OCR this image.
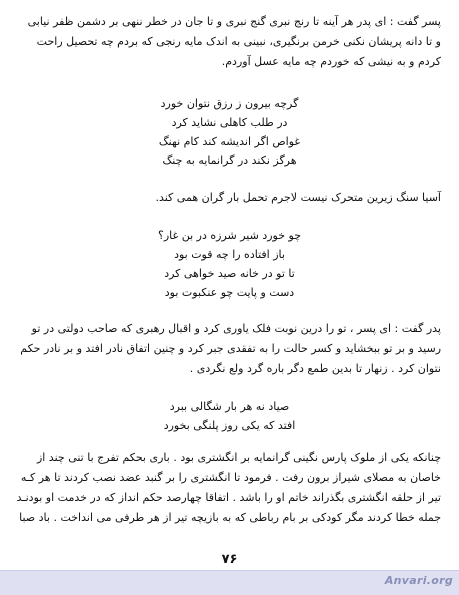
پسر گفت : ای پدر هر آینه تا رنج نبری گنج نبری و تا جان در خطر ننهی بر دشمن ظفر نیابی
و تا دانه پریشان نکنی خرمن برنگیری، نبینی به اندک مایه رنجی که بردم چه تحصیل راحت
کردم و به نیشی که خوردم چه مایه عسل آوردم.
گرچه بیرون ز رزق نتوان خورد
در طلب کاهلی نشاید کرد
غواص اگر اندیشه کند کام نهنگ
هرگز نکند در گرانمایه به چنگ
آسیا سنگ زیرین متحرک نیست لاجرم تحمل بار گران همی کند.
چو خورد شیر شرزه در بن غار؟
باز افتاده را چه قوت بود
تا تو در خانه صید خواهی کرد
دست و پایت چو عنکبوت بود
پدر گفت : ای پسر ، تو را درین نوبت فلک یاوری کرد و اقبال رهبری که صاحب دولتی در تو
رسید و بر تو ببخشاید و کسر حالت را به تفقدی جبر کرد و چنین اتفاق نادر افتد و بر نادر حکم
نتوان کرد . زنهار تا بدین طمع دگر باره گرد ولع نگردی .
صیاد نه هر بار شگالی ببرد
افتد که یکی روز پلنگی بخورد
چنانکه یکی از ملوک پارس نگینی گرانمایه بر انگشتری بود . باری بحکم تفرج با تنی چند از
خاصان به مصلای شیراز برون رفت . فرمود تا انگشتری را بر گنبد عضد نصب کردند تا هر کـه
تیر از حلقه انگشتری بگذراند خاتم او را باشد . اتفاقا چهارصد حکم انداز که در خدمت او بودنـد
جمله خطا کردند مگر کودکی بر بام رباطی که به بازیچه تیر از هر طرفی می انداخت . باد صبا
۷۶
Anvari.org
